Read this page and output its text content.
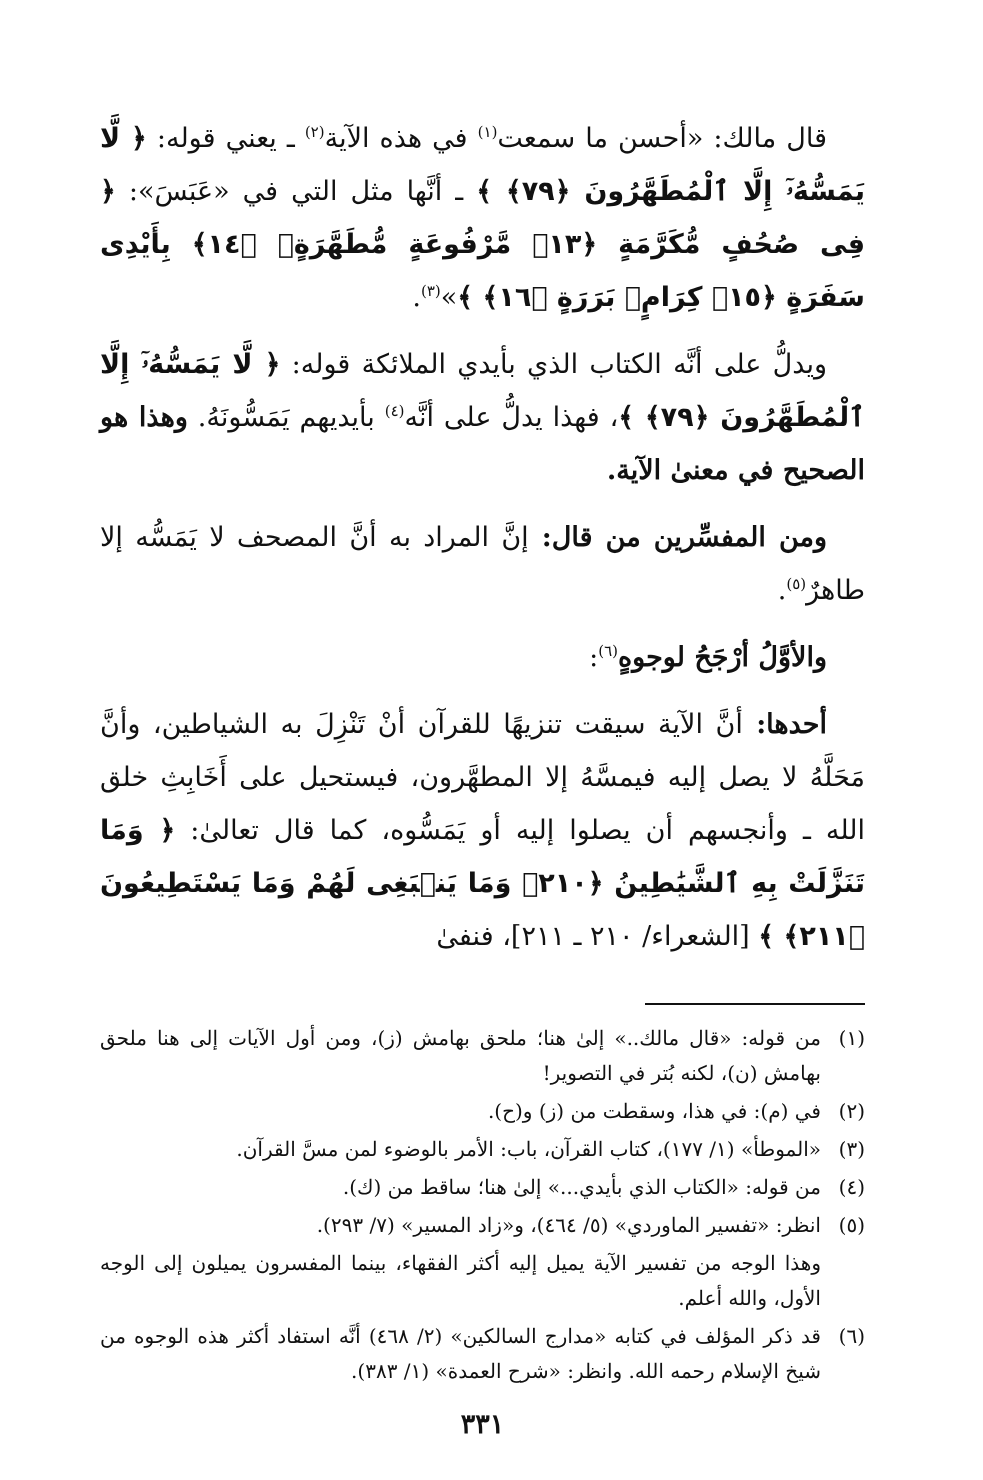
قال مالك: «أحسن ما سمعت$^{(١)}$ في هذه الآية$^{(٢)}$ ـ يعني قوله: ﴿ لَّا يَمَسُّهُۥٓ إِلَّا ٱلْمُطَهَّرُونَ ﴿٧٩﴾ ﴾ ـ أنَّها مثل التي في «عَبَسَ»: ﴿ فِى صُحُفٍ مُّكَرَّمَةٍ ﴿١٣﴾ مَّرْفُوعَةٍ مُّطَهَّرَةٍۭ ﴿١٤﴾ بِأَيْدِى سَفَرَةٍ ﴿١٥﴾ كِرَامٍۭ بَرَرَةٍ ﴿١٦﴾ ﴾»$^{(٣)}$.

ويدلُّ على أنَّه الكتاب الذي بأيدي الملائكة قوله: ﴿ لَّا يَمَسُّهُۥٓ إِلَّا ٱلْمُطَهَّرُونَ ﴿٧٩﴾ ﴾، فهذا يدلُّ على أنَّه$^{(٤)}$ بأيديهم يَمَسُّونَهُ. وهذا هو الصحيح في معنىٰ الآية.

ومن المفسِّرين من قال: إنَّ المراد به أنَّ المصحف لا يَمَسُّه إلا طاهرٌ$^{(٥)}$.

والأوَّلُ أرْجَحُ لوجوهٍ$^{(٦)}$:

أحدها: أنَّ الآية سيقت تنزيهًا للقرآن أنْ تَنْزِلَ به الشياطين، وأنَّ مَحَلَّهُ لا يصل إليه فيمسَّهُ إلا المطهَّرون، فيستحيل على أَخَابِثِ خلق الله ـ وأنجسهم أن يصلوا إليه أو يَمَسُّوه، كما قال تعالىٰ: ﴿ وَمَا تَنَزَّلَتْ بِهِ ٱلشَّيَٰطِينُ ﴿٢١٠﴾ وَمَا يَنۢبَغِى لَهُمْ وَمَا يَسْتَطِيعُونَ ﴿٢١١﴾ ﴾ [الشعراء/ ٢١٠ ـ ٢١١]، فنفىٰ

(١)
من قوله: «قال مالك..» إلىٰ هنا؛ ملحق بهامش (ز)، ومن أول الآيات إلى هنا ملحق بهامش (ن)، لكنه بُتر في التصوير!
(٢)
في (م): في هذا، وسقطت من (ز) و(ح).
(٣)
«الموطأ» (١/ ١٧٧)، كتاب القرآن، باب: الأمر بالوضوء لمن مسَّ القرآن.
(٤)
من قوله: «الكتاب الذي بأيدي...» إلىٰ هنا؛ ساقط من (ك).
(٥)
انظر: «تفسير الماوردي» (٥/ ٤٦٤)، و«زاد المسير» (٧/ ٢٩٣).
وهذا الوجه من تفسير الآية يميل إليه أكثر الفقهاء، بينما المفسرون يميلون إلى الوجه الأول، والله أعلم.
(٦)
قد ذكر المؤلف في كتابه «مدارج السالكين» (٢/ ٤٦٨) أنَّه استفاد أكثر هذه الوجوه من شيخ الإسلام رحمه الله. وانظر: «شرح العمدة» (١/ ٣٨٣).
٣٣١
